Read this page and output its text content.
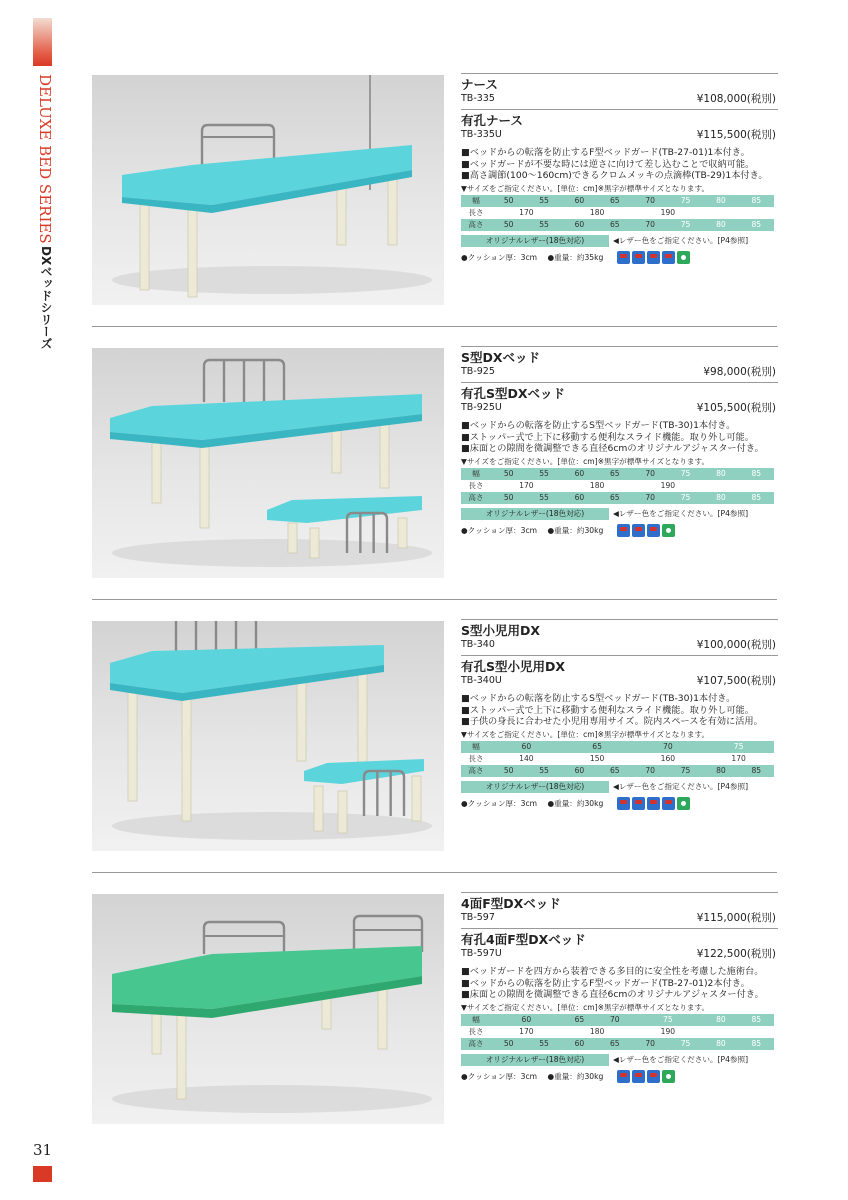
DELUXE BED SERIES
DXベッドシリーズ
31
ナース
TB-335	¥108,000(税別)
有孔ナース
TB-335U	¥115,500(税別)
■ ベッドからの転落を防止するF型ベッドガード(TB-27-01)1本付き。
■ ベッドガードが不要な時には逆さに向けて差し込むことで収納可能。
■ 高さ調節(100〜160cm)できるクロムメッキの点滴棒(TB-29)1本付き。
▼サイズをご指定ください。[単位：cm]※黒字が標準サイズとなります。
幅	50	55	60	65	70	75	80	85
長さ	170		180		190		200	
高さ	50	55	60	65	70	75	80	85
オリジナルレザー(18色対応)	◀レザー色をご指定ください。[P4参照]
●クッション厚：3cm ●重量：約35kg
S型DXベッド
TB-925	¥98,000(税別)
有孔S型DXベッド
TB-925U	¥105,500(税別)
■ ベッドからの転落を防止するS型ベッドガード(TB-30)1本付き。
■ ストッパー式で上下に移動する便利なスライド機能。取り外し可能。
■ 床面との隙間を微調整できる直径6cmのオリジナルアジャスター付き。
▼サイズをご指定ください。[単位：cm]※黒字が標準サイズとなります。
幅	50	55	60	65	70	75	80	85
長さ	170		180		190		200	
高さ	50	55	60	65	70	75	80	85
オリジナルレザー(18色対応)	◀レザー色をご指定ください。[P4参照]
●クッション厚：3cm ●重量：約30kg
S型小児用DX
TB-340	¥100,000(税別)
有孔S型小児用DX
TB-340U	¥107,500(税別)
■ ベッドからの転落を防止するS型ベッドガード(TB-30)1本付き。
■ ストッパー式で上下に移動する便利なスライド機能。取り外し可能。
■ 子供の身長に合わせた小児用専用サイズ。院内スペースを有効に活用。
▼サイズをご指定ください。[単位：cm]※黒字が標準サイズとなります。
幅	60		65		70		75	
長さ	140		150		160		170	
高さ	50	55	60	65	70	75	80	85
オリジナルレザー(18色対応)	◀レザー色をご指定ください。[P4参照]
●クッション厚：3cm ●重量：約30kg
4面F型DXベッド
TB-597	¥115,000(税別)
有孔4面F型DXベッド
TB-597U	¥122,500(税別)
■ ベッドガードを四方から装着できる多目的に安全性を考慮した施術台。
■ ベッドからの転落を防止するF型ベッドガード(TB-27-01)2本付き。
■ 床面との隙間を微調整できる直径6cmのオリジナルアジャスター付き。
▼サイズをご指定ください。[単位：cm]※黒字が標準サイズとなります。
幅	60		65	70	75		80	85
長さ	170		180		190		200	
高さ	50	55	60	65	70	75	80	85
オリジナルレザー(18色対応)	◀レザー色をご指定ください。[P4参照]
●クッション厚：3cm ●重量：約30kg
